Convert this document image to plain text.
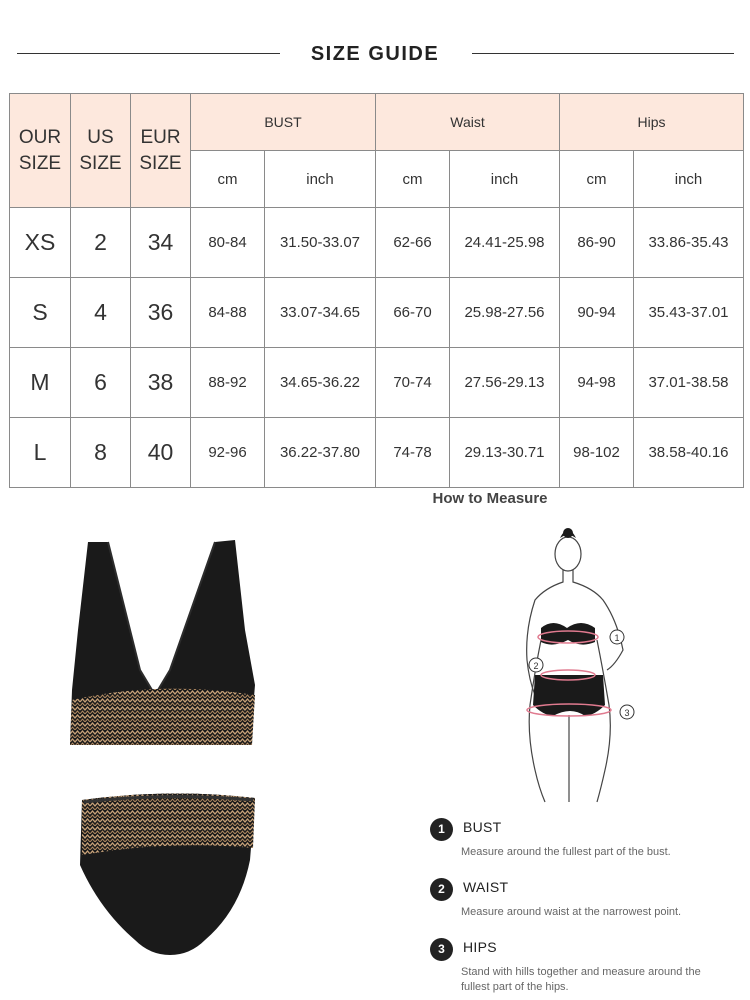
SIZE GUIDE
OUR SIZE	US SIZE	EUR SIZE	BUST		Waist		Hips	
			cm	inch	cm	inch	cm	inch
XS	2	34	80-84	31.50-33.07	62-66	24.41-25.98	86-90	33.86-35.43
S	4	36	84-88	33.07-34.65	66-70	25.98-27.56	90-94	35.43-37.01
M	6	38	88-92	34.65-36.22	70-74	27.56-29.13	94-98	37.01-38.58
L	8	40	92-96	36.22-37.80	74-78	29.13-30.71	98-102	38.58-40.16
How to Measure
1
2
3
1	BUST
Measure around the fullest part of the bust.
2	WAIST
Measure around waist at the narrowest point.
3	HIPS
Stand with hills together and measure around the fullest part of the hips.
